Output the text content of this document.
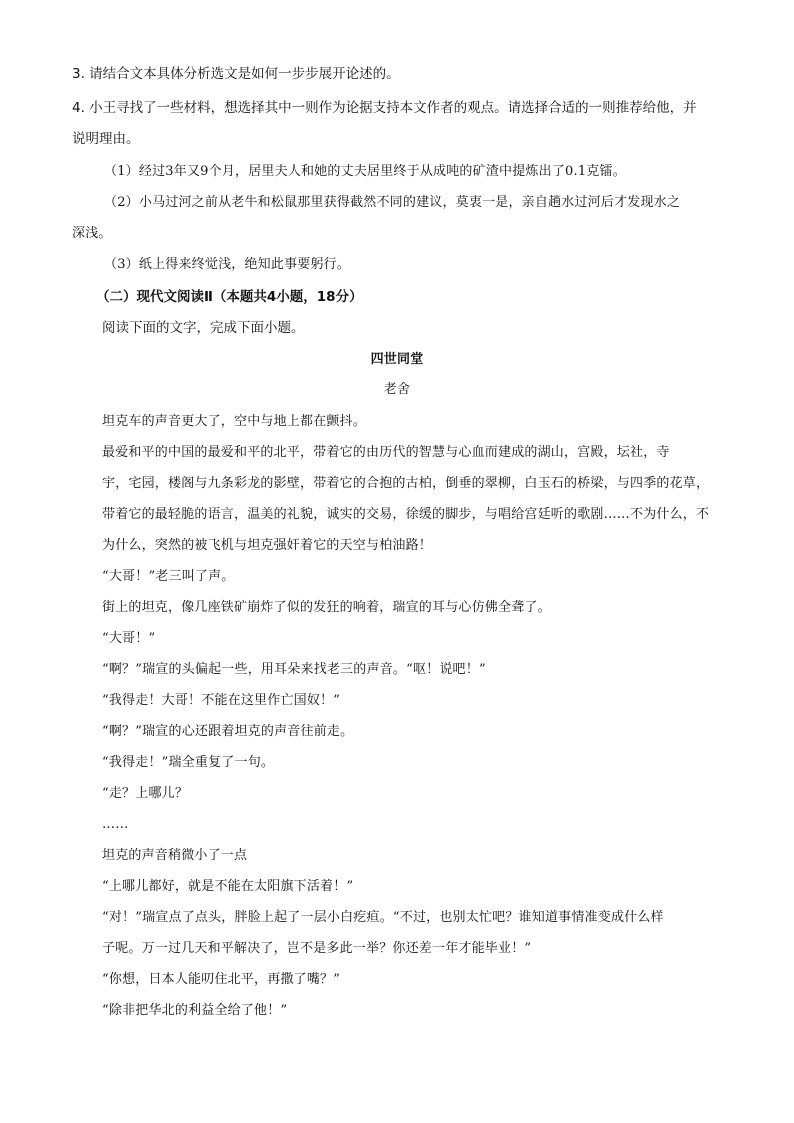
3. 请结合文本具体分析选文是如何一步步展开论述的。
4. 小王寻找了一些材料，想选择其中一则作为论据支持本文作者的观点。请选择合适的一则推荐给他，并
说明理由。
（1）经过3年又9个月，居里夫人和她的丈夫居里终于从成吨的矿渣中提炼出了0.1克镭。
（2）小马过河之前从老牛和松鼠那里获得截然不同的建议，莫衷一是，亲自趟水过河后才发现水之
深浅。
（3）纸上得来终觉浅，绝知此事要躬行。
（二）现代文阅读Ⅱ（本题共4小题，18分）
阅读下面的文字，完成下面小题。
四世同堂
老舍
坦克车的声音更大了，空中与地上都在颤抖。
最爱和平的中国的最爱和平的北平，带着它的由历代的智慧与心血而建成的湖山，宫殿，坛社，寺
宇，宅园，楼阁与九条彩龙的影壁，带着它的合抱的古柏，倒垂的翠柳，白玉石的桥梁，与四季的花草，
带着它的最轻脆的语言，温美的礼貌，诚实的交易，徐缓的脚步，与唱给宫廷听的歌剧……不为什么，不
为什么，突然的被飞机与坦克强奸着它的天空与柏油路！
“大哥！”老三叫了声。
街上的坦克，像几座铁矿崩炸了似的发狂的响着，瑞宣的耳与心仿佛全聋了。
“大哥！”
“啊？”瑞宣的头偏起一些，用耳朵来找老三的声音。“呕！说吧！”
“我得走！大哥！不能在这里作亡国奴！”
“啊？”瑞宣的心还跟着坦克的声音往前走。
“我得走！”瑞全重复了一句。
“走？上哪儿？
……
坦克的声音稍微小了一点
“上哪儿都好，就是不能在太阳旗下活着！”
“对！”瑞宣点了点头，胖脸上起了一层小白疙疸。“不过，也别太忙吧？谁知道事情准变成什么样
子呢。万一过几天和平解决了，岂不是多此一举？你还差一年才能毕业！”
“你想，日本人能叨住北平，再撒了嘴？”
“除非把华北的利益全给了他！”
